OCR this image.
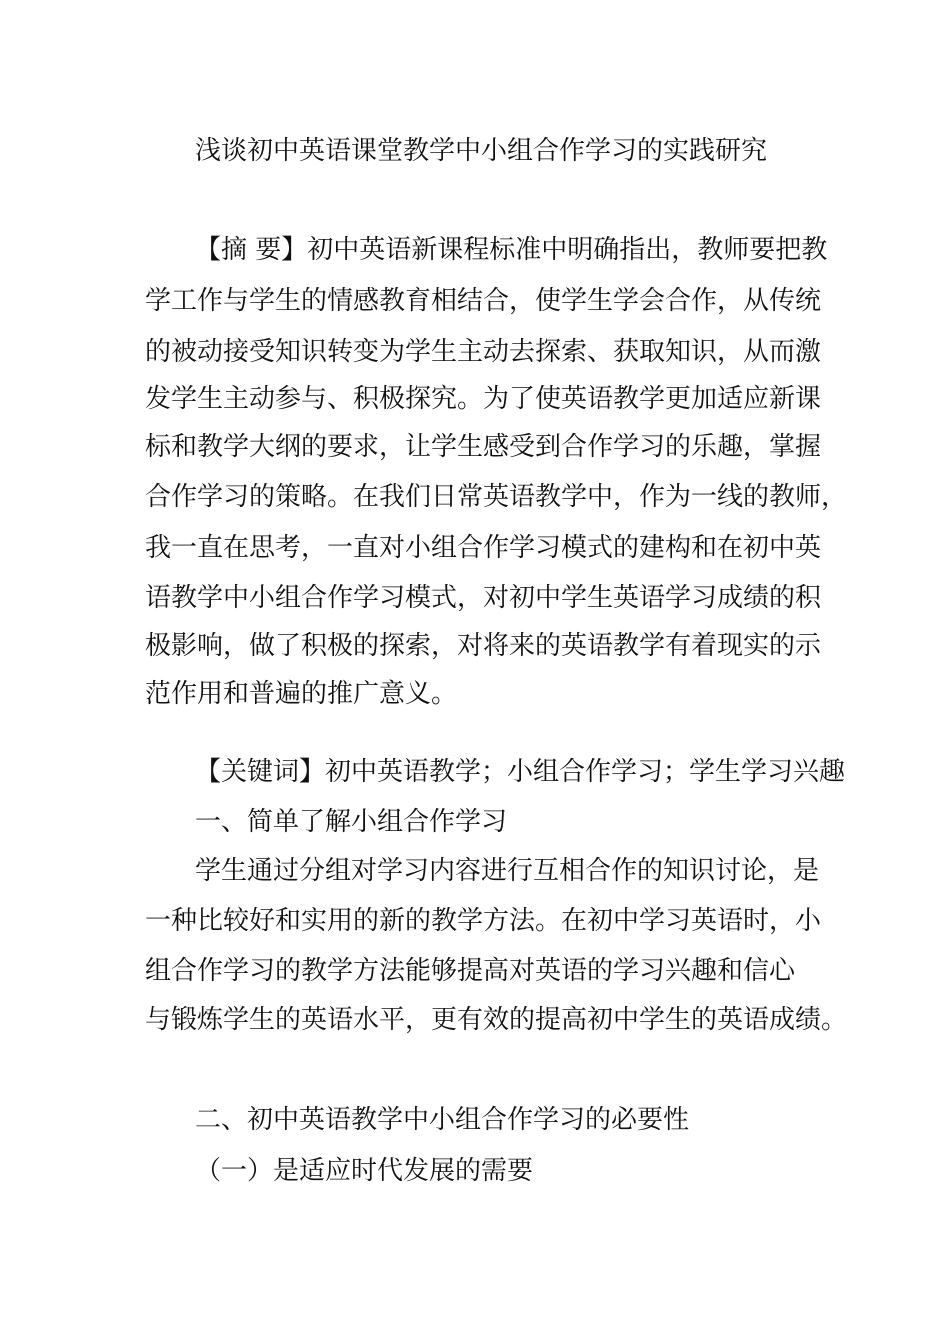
浅谈初中英语课堂教学中小组合作学习的实践研究
【摘 要】初中英语新课程标准中明确指出，教师要把教
学工作与学生的情感教育相结合，使学生学会合作，从传统
的被动接受知识转变为学生主动去探索、获取知识，从而激
发学生主动参与、积极探究。为了使英语教学更加适应新课
标和教学大纲的要求，让学生感受到合作学习的乐趣，掌握
合作学习的策略。在我们日常英语教学中，作为一线的教师，
我一直在思考，一直对小组合作学习模式的建构和在初中英
语教学中小组合作学习模式，对初中学生英语学习成绩的积
极影响，做了积极的探索，对将来的英语教学有着现实的示
范作用和普遍的推广意义。
【关键词】初中英语教学；小组合作学习；学生学习兴趣
一、简单了解小组合作学习
学生通过分组对学习内容进行互相合作的知识讨论，是
一种比较好和实用的新的教学方法。在初中学习英语时，小
组合作学习的教学方法能够提高对英语的学习兴趣和信心
与锻炼学生的英语水平，更有效的提高初中学生的英语成绩。
二、初中英语教学中小组合作学习的必要性
（一）是适应时代发展的需要
